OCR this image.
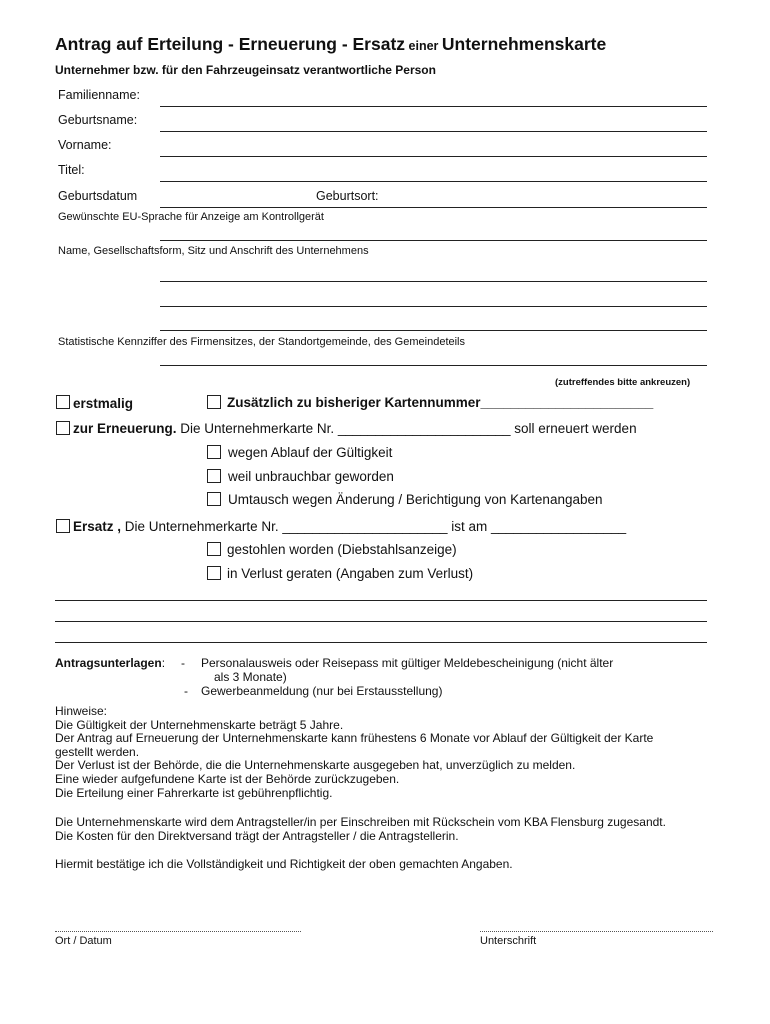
Antrag auf Erteilung - Erneuerung - Ersatz einer Unternehmenskarte
Unternehmer bzw. für den Fahrzeugeinsatz verantwortliche Person
Familienname:
Geburtsname:
Vorname:
Titel:
Geburtsdatum	Geburtsort:
Gewünschte EU-Sprache für Anzeige am Kontrollgerät
Name, Gesellschaftsform, Sitz und Anschrift des Unternehmens
Statistische Kennziffer des Firmensitzes, der Standortgemeinde, des Gemeindeteils
(zutreffendes bitte ankreuzen)
erstmalig	Zusätzlich zu bisheriger Kartennummer_______________________
zur Erneuerung. Die Unternehmerkarte Nr. _______________________ soll erneuert werden
wegen Ablauf der Gültigkeit
weil unbrauchbar geworden
Umtausch wegen Änderung / Berichtigung von Kartenangaben
Ersatz , Die Unternehmerkarte Nr. ______________________ ist am __________________
gestohlen worden (Diebstahlsanzeige)
in Verlust geraten (Angaben zum Verlust)
Antragsunterlagen: - Personalausweis oder Reisepass mit gültiger Meldebescheinigung (nicht älter
als 3 Monate)
- Gewerbeanmeldung (nur bei Erstausstellung)
Hinweise:
Die Gültigkeit der Unternehmenskarte beträgt 5 Jahre.
Der Antrag auf Erneuerung der Unternehmenskarte kann frühestens 6 Monate vor Ablauf der Gültigkeit der Karte
gestellt werden.
Der Verlust ist der Behörde, die die Unternehmenskarte ausgegeben hat, unverzüglich zu melden.
Eine wieder aufgefundene Karte ist der Behörde zurückzugeben.
Die Erteilung einer Fahrerkarte ist gebührenpflichtig.
Die Unternehmenskarte wird dem Antragsteller/in per Einschreiben mit Rückschein vom KBA Flensburg zugesandt.
Die Kosten für den Direktversand trägt der Antragsteller / die Antragstellerin.
Hiermit bestätige ich die Vollständigkeit und Richtigkeit der oben gemachten Angaben.
Ort / Datum	Unterschrift
